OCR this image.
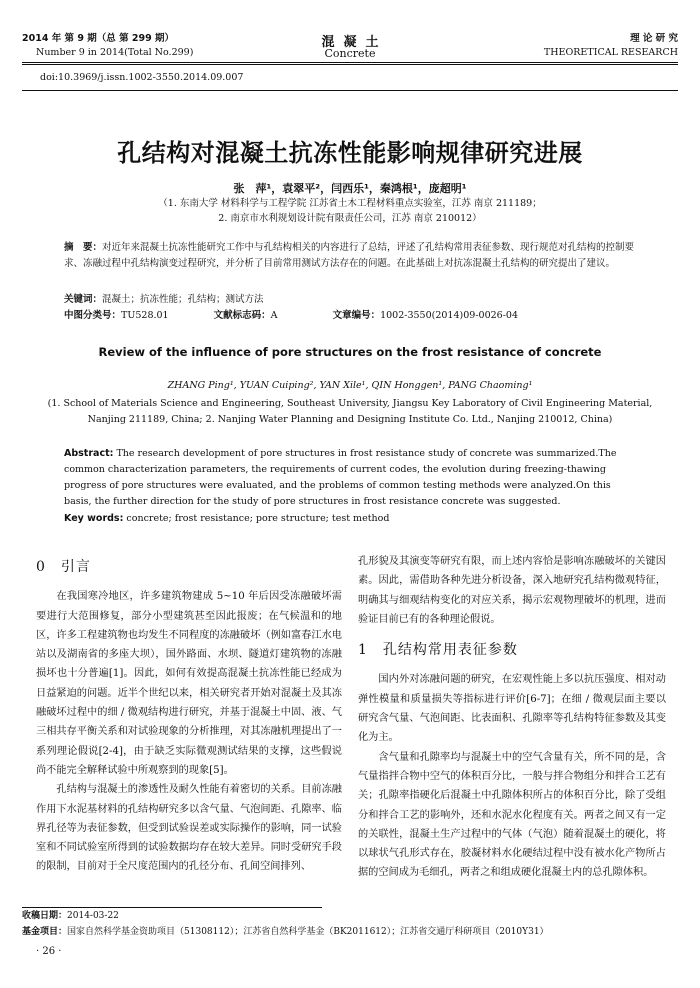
2014 年 第 9 期（总 第 299 期）
Number 9 in 2014(Total No.299)
混  凝  土
Concrete
理 论 研 究
THEORETICAL RESEARCH
doi:10.3969/j.issn.1002-3550.2014.09.007
孔结构对混凝土抗冻性能影响规律研究进展
张　萍¹，袁翠平²，闫西乐¹，秦鸿根¹，庞超明¹
（1. 东南大学 材料科学与工程学院 江苏省土木工程材料重点实验室，江苏 南京 211189；
2. 南京市水利规划设计院有限责任公司，江苏 南京 210012）
摘　要：对近年来混凝土抗冻性能研究工作中与孔结构相关的内容进行了总结，评述了孔结构常用表征参数、现行规范对孔结构的控制要求、冻融过程中孔结构演变过程研究，并分析了目前常用测试方法存在的问题。在此基础上对抗冻混凝土孔结构的研究提出了建议。
关键词：混凝土；抗冻性能；孔结构；测试方法
中图分类号：TU528.01	文献标志码：A	文章编号：1002-3550(2014)09-0026-04
Review of the influence of pore structures on the frost resistance of concrete
ZHANG Ping¹, YUAN Cuiping², YAN Xile¹, QIN Honggen¹, PANG Chaoming¹
(1. School of Materials Science and Engineering, Southeast University, Jiangsu Key Laboratory of Civil Engineering Material,
Nanjing 211189, China; 2. Nanjing Water Planning and Designing Institute Co. Ltd., Nanjing 210012, China)
Abstract: The research development of pore structures in frost resistance study of concrete was summarized.The common characterization parameters, the requirements of current codes, the evolution during freezing-thawing progress of pore structures were evaluated, and the problems of common testing methods were analyzed.On this basis, the further direction for the study of pore structures in frost resistance concrete was suggested.
Key words: concrete; frost resistance; pore structure; test method
0　引言

在我国寒冷地区，许多建筑物建成 5~10 年后因受冻融破坏需要进行大范围修复，部分小型建筑甚至因此报废；在气候温和的地区，许多工程建筑物也均发生不同程度的冻融破坏（例如富春江水电站以及湖南省的多座大坝），国外路面、水坝、隧道灯建筑物的冻融损坏也十分普遍[1]。因此，如何有效提高混凝土抗冻性能已经成为日益紧迫的问题。近半个世纪以来，相关研究者开始对混凝土及其冻融破坏过程中的细 / 微观结构进行研究，并基于混凝土中固、液、气三相共存平衡关系和对试验现象的分析推理，对其冻融机理提出了一系列理论假说[2-4]，由于缺乏实际微观测试结果的支撑，这些假说尚不能完全解释试验中所观察到的现象[5]。

孔结构与混凝土的渗透性及耐久性能有着密切的关系。目前冻融作用下水泥基材料的孔结构研究多以含气量、气泡间距、孔隙率、临界孔径等为表征参数，但受到试验误差或实际操作的影响，同一试验室和不同试验室所得到的试验数据均存在较大差异。同时受研究手段的限制，目前对于全尺度范围内的孔径分布、孔间空间排列、

孔形貌及其演变等研究有限，而上述内容恰是影响冻融破坏的关键因素。因此，需借助各种先进分析设备，深入地研究孔结构微观特征，明确其与细观结构变化的对应关系，揭示宏观物理破坏的机理，进而验证目前已有的各种理论假说。

1　孔结构常用表征参数

国内外对冻融问题的研究，在宏观性能上多以抗压强度、相对动弹性模量和质量损失等指标进行评价[6-7]；在细 / 微观层面主要以研究含气量、气泡间距、比表面积、孔隙率等孔结构特征参数及其变化为主。

含气量和孔隙率均与混凝土中的空气含量有关，所不同的是，含气量指拌合物中空气的体积百分比，一般与拌合物组分和拌合工艺有关；孔隙率指硬化后混凝土中孔隙体积所占的体积百分比，除了受组分和拌合工艺的影响外，还和水泥水化程度有关。两者之间又有一定的关联性，混凝土生产过程中的气体（气泡）随着混凝土的硬化，将以球状气孔形式存在，胶凝材料水化硬结过程中没有被水化产物所占据的空间成为毛细孔，两者之和组成硬化混凝土内的总孔隙体积。

收稿日期：2014-03-22
基金项目：国家自然科学基金资助项目（51308112）；江苏省自然科学基金（BK2011612）；江苏省交通厅科研项目（2010Y31）
· 26 ·
